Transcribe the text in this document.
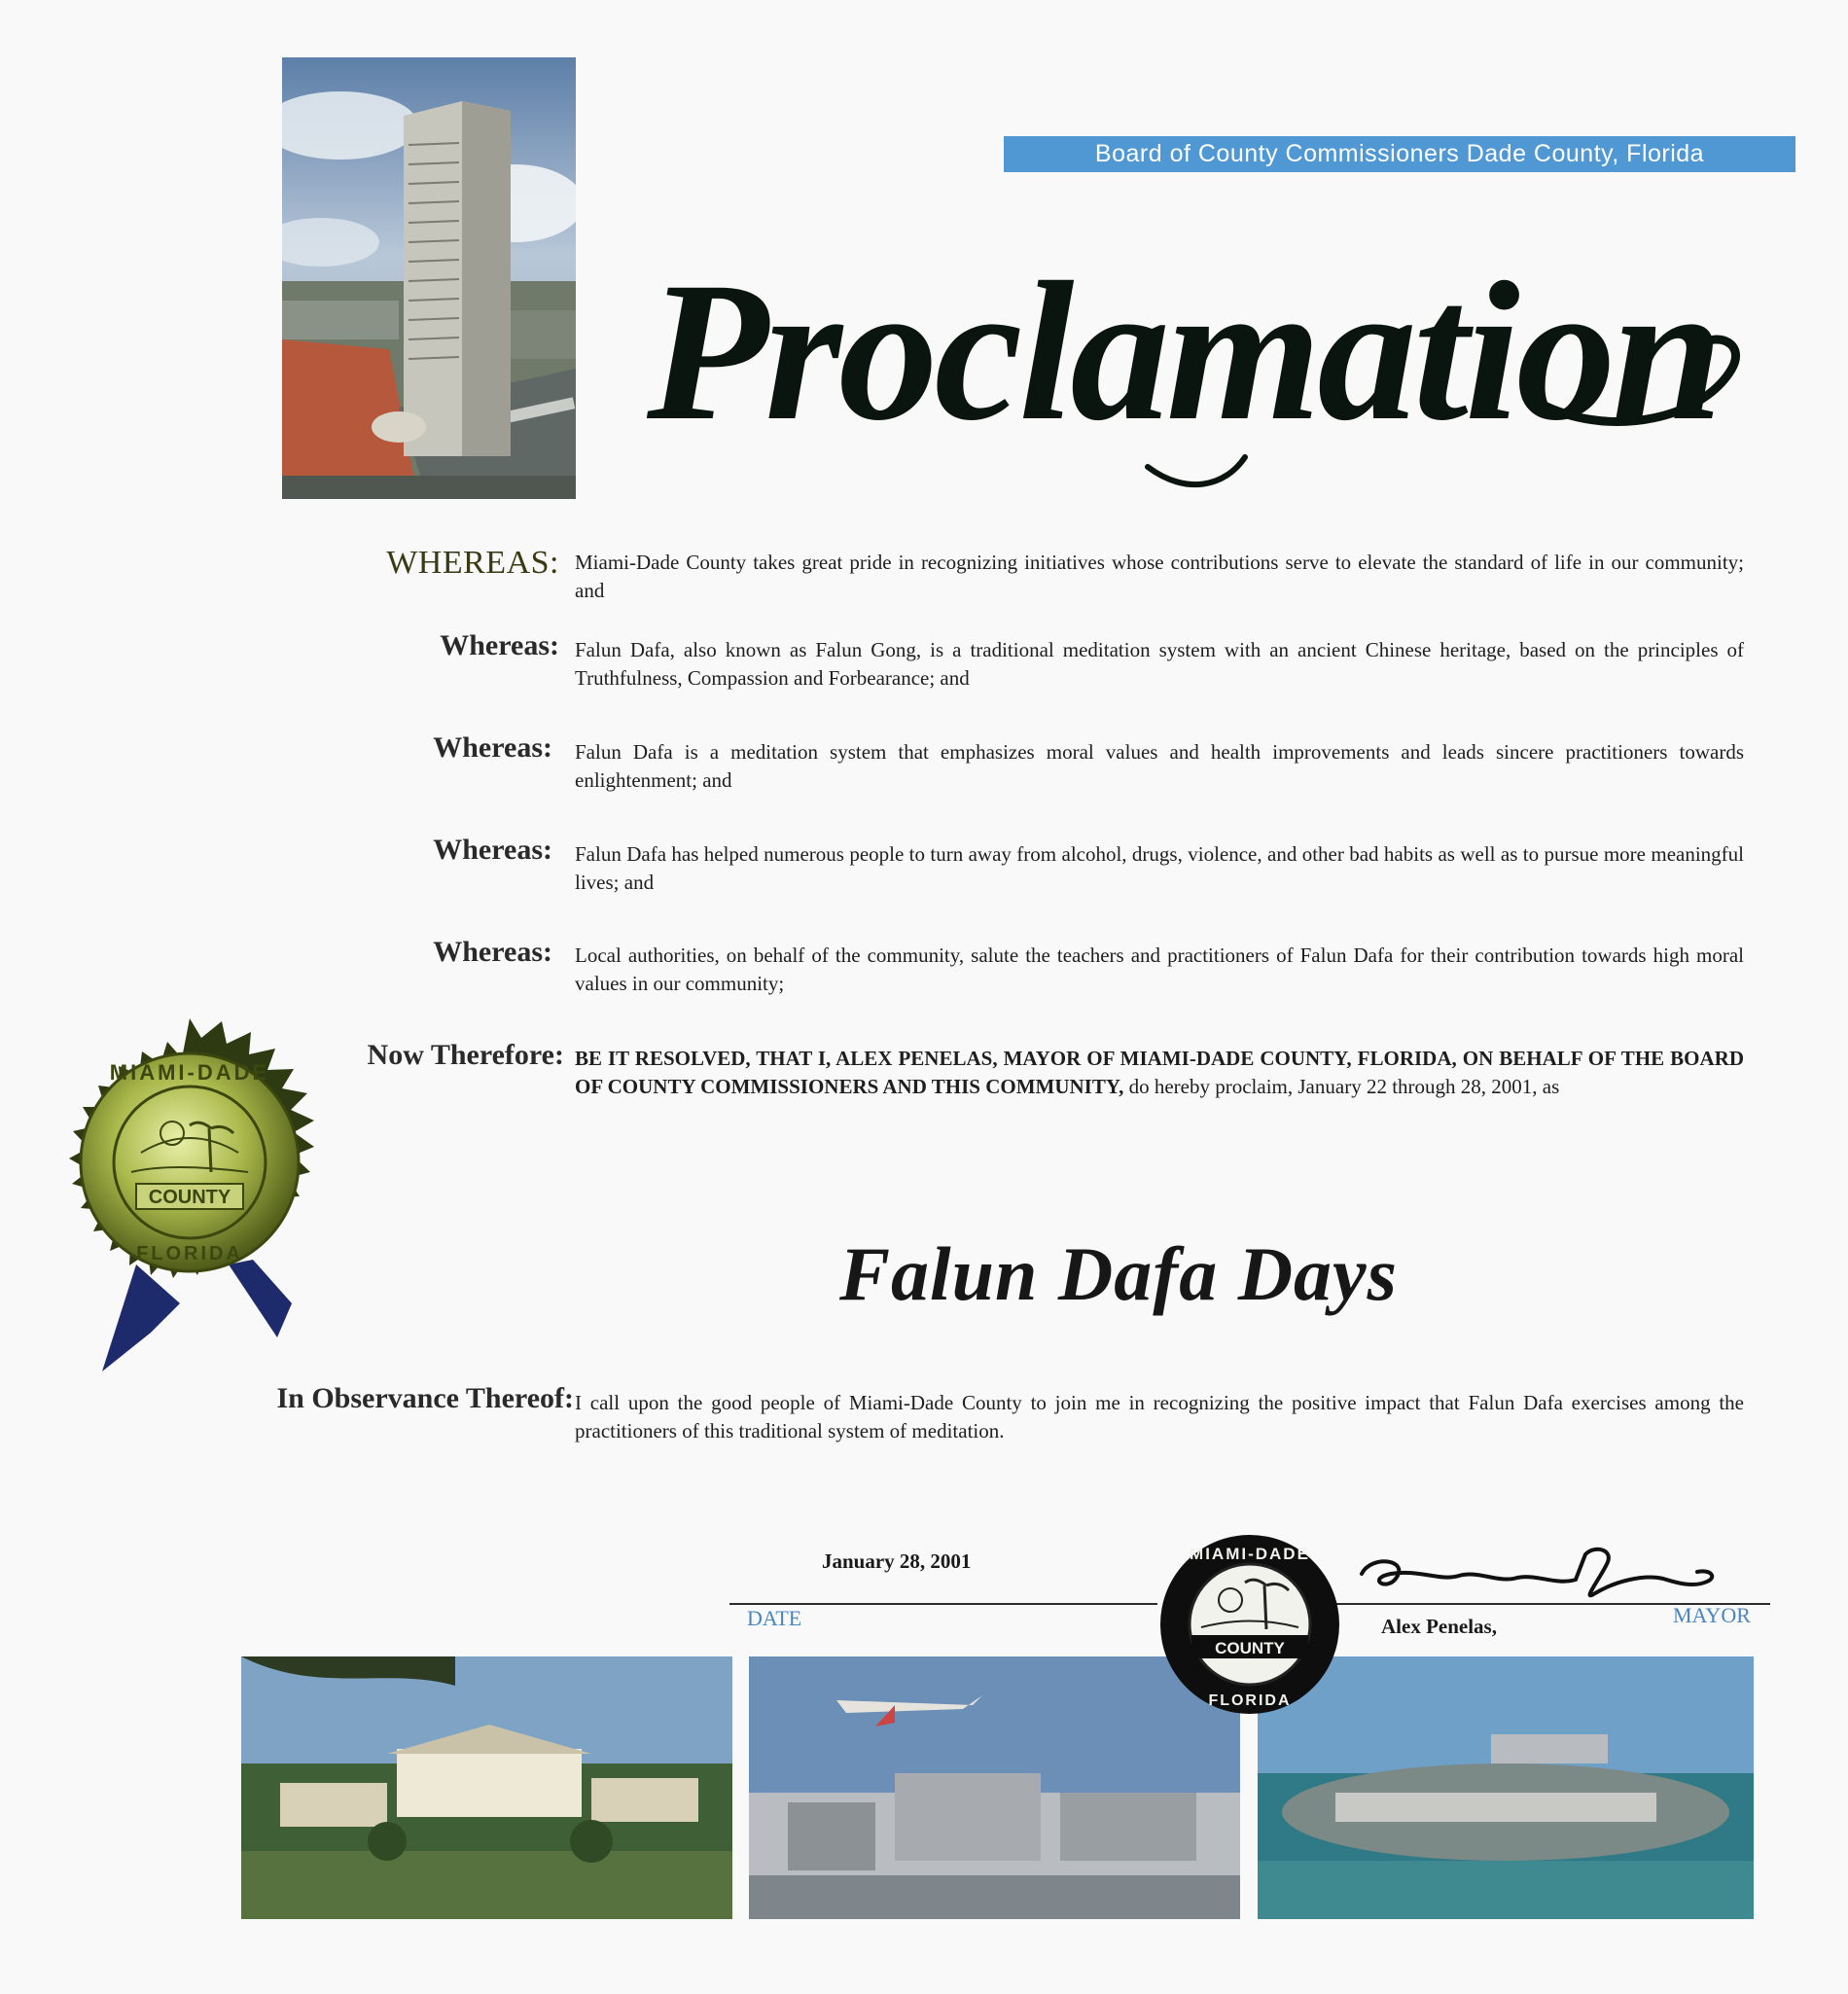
Board of County Commissioners Dade County, Florida
Proclamation
WHEREAS: Miami-Dade County takes great pride in recognizing initiatives whose contributions serve to elevate the standard of life in our community; and
Whereas: Falun Dafa, also known as Falun Gong, is a traditional meditation system with an ancient Chinese heritage, based on the principles of Truthfulness, Compassion and Forbearance; and
Whereas: Falun Dafa is a meditation system that emphasizes moral values and health improvements and leads sincere practitioners towards enlightenment; and
Whereas: Falun Dafa has helped numerous people to turn away from alcohol, drugs, violence, and other bad habits as well as to pursue more meaningful lives; and
Whereas: Local authorities, on behalf of the community, salute the teachers and practitioners of Falun Dafa for their contribution towards high moral values in our community;
Now Therefore: BE IT RESOLVED, THAT I, ALEX PENELAS, MAYOR OF MIAMI-DADE COUNTY, FLORIDA, ON BEHALF OF THE BOARD OF COUNTY COMMISSIONERS AND THIS COMMUNITY, do hereby proclaim, January 22 through 28, 2001, as
COUNTY
MIAMI-DADE
FLORIDA	Falun Dafa Days
In Observance Thereof: I call upon the good people of Miami-Dade County to join me in recognizing the positive impact that Falun Dafa exercises among the practitioners of this traditional system of meditation.
January 28, 2001
DATE	Alex Penelas,	MAYOR
COUNTY
MIAMI-DADE
FLORIDA
